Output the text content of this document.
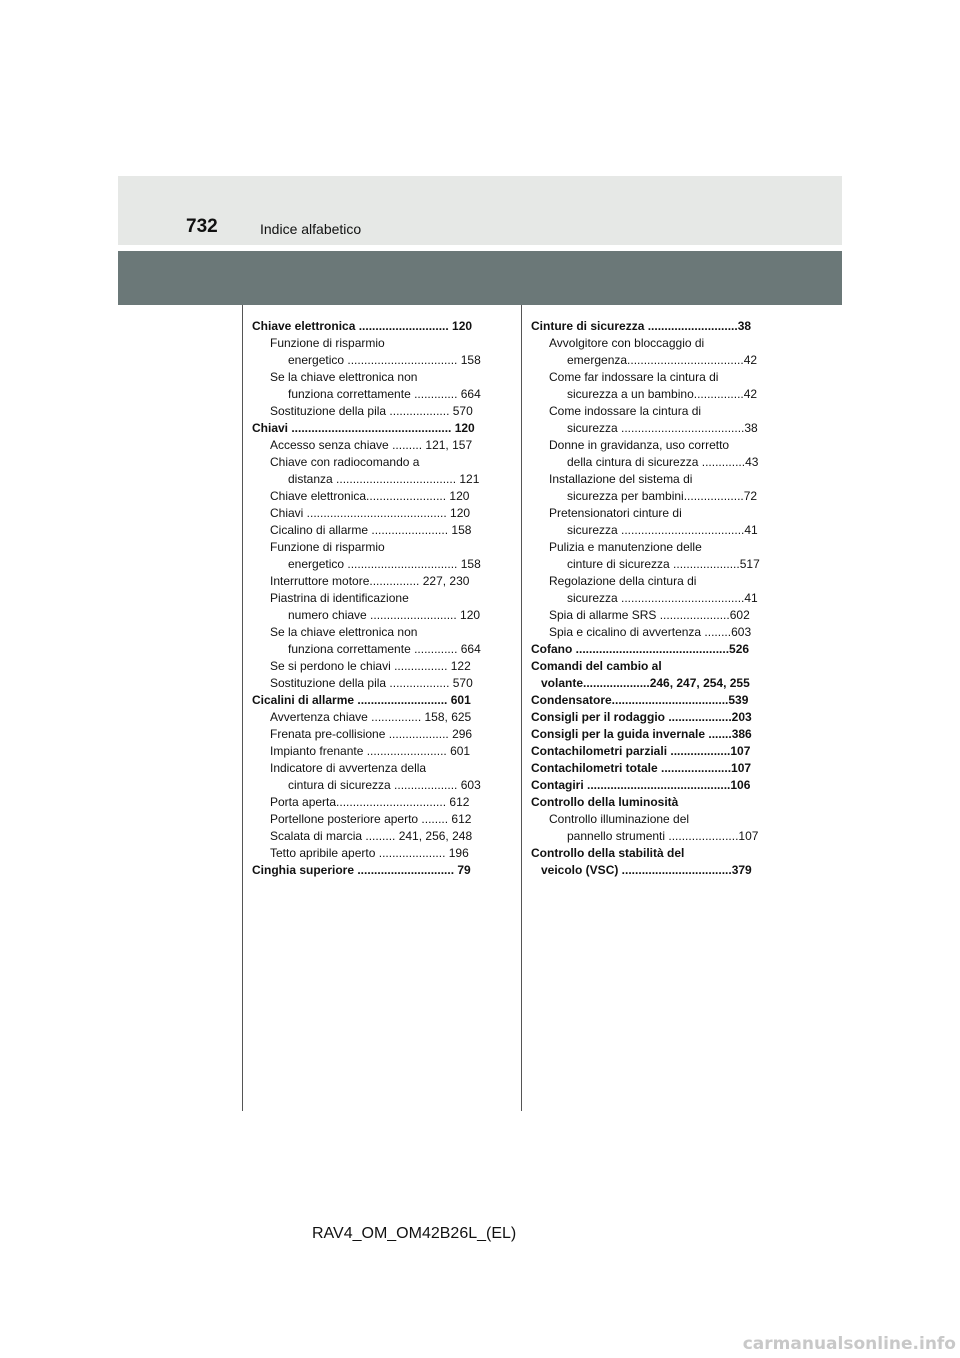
732	Indice alfabetico
Chiave elettronica ........................... 120
Funzione di risparmio
energetico ................................. 158
Se la chiave elettronica non
funziona correttamente ............. 664
Sostituzione della pila .................. 570
Chiavi ................................................ 120
Accesso senza chiave ......... 121, 157
Chiave con radiocomando a
distanza .................................... 121
Chiave elettronica........................ 120
Chiavi .......................................... 120
Cicalino di allarme ....................... 158
Funzione di risparmio
energetico ................................. 158
Interruttore motore............... 227, 230
Piastrina di identificazione
numero chiave .......................... 120
Se la chiave elettronica non
funziona correttamente ............. 664
Se si perdono le chiavi ................ 122
Sostituzione della pila .................. 570
Cicalini di allarme ........................... 601
Avvertenza chiave ............... 158, 625
Frenata pre-collisione .................. 296
Impianto frenante ........................ 601
Indicatore di avvertenza della
cintura di sicurezza ................... 603
Porta aperta................................. 612
Portellone posteriore aperto ........ 612
Scalata di marcia ......... 241, 256, 248
Tetto apribile aperto .................... 196
Cinghia superiore ............................. 79
Cinture di sicurezza ...........................38
Avvolgitore con bloccaggio di
emergenza...................................42
Come far indossare la cintura di
sicurezza a un bambino...............42
Come indossare la cintura di
sicurezza .....................................38
Donne in gravidanza, uso corretto
della cintura di sicurezza .............43
Installazione del sistema di
sicurezza per bambini..................72
Pretensionatori cinture di
sicurezza .....................................41
Pulizia e manutenzione delle
cinture di sicurezza ....................517
Regolazione della cintura di
sicurezza .....................................41
Spia di allarme SRS .....................602
Spia e cicalino di avvertenza ........603
Cofano ..............................................526
Comandi del cambio al
volante....................246, 247, 254, 255
Condensatore...................................539
Consigli per il rodaggio ...................203
Consigli per la guida invernale .......386
Contachilometri parziali ..................107
Contachilometri totale .....................107
Contagiri ...........................................106
Controllo della luminosità
Controllo illuminazione del
pannello strumenti .....................107
Controllo della stabilità del
veicolo (VSC) .................................379
RAV4_OM_OM42B26L_(EL)
carmanualsonline.info
